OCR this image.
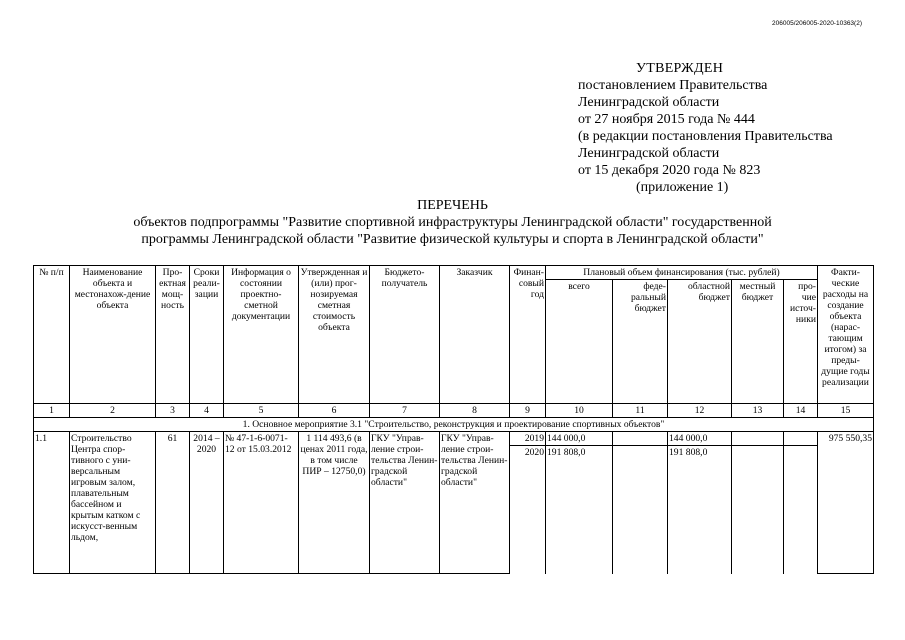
206005/206005-2020-10363(2)
УТВЕРЖДЕН
постановлением Правительства
Ленинградской области
от 27 ноября 2015 года № 444
(в редакции постановления Правительства
Ленинградской области
от 15 декабря 2020 года № 823
(приложение 1)
ПЕРЕЧЕНЬ
объектов подпрограммы "Развитие спортивной инфраструктуры Ленинградской области" государственной
программы Ленинградской области "Развитие физической культуры и спорта в Ленинградской области"
№ п/п	Наименование объекта и местонахож-дение объекта	Про-ектная мощ-ность	Сроки реали-зации	Информация о состоянии проектно-сметной документации	Утвержденная и (или) прог-нозируемая сметная стоимость объекта	Бюджето-получатель	Заказчик	Финан-совый год	Плановый объем финансирования (тыс. рублей)					Факти-ческие расходы на создание объекта (нарас-тающим итогом) за преды-дущие годы реализации
									всего	феде-ральный бюджет	областной бюджет	местный бюджет	про-чие источ-ники	
1	2	3	4	5	6	7	8	9	10	11	12	13	14	15
1. Основное мероприятие 3.1 "Строительство, реконструкция и проектирование спортивных объектов"														
1.1	Строительство Центра спор-тивного с уни-версальным игровым залом, плавательным бассейном и крытым катком с искусст-венным льдом,	61	2014 – 2020	№ 47-1-6-0071-12 от 15.03.2012	1 114 493,6 (в ценах 2011 года, в том числе ПИР – 12750,0)	ГКУ "Управ-ление строи-тельства Ленин-градской области"	ГКУ "Управ-ление строи-тельства Ленин-градской области"	2019	144 000,0		144 000,0			975 550,35
								2020	191 808,0		191 808,0			
